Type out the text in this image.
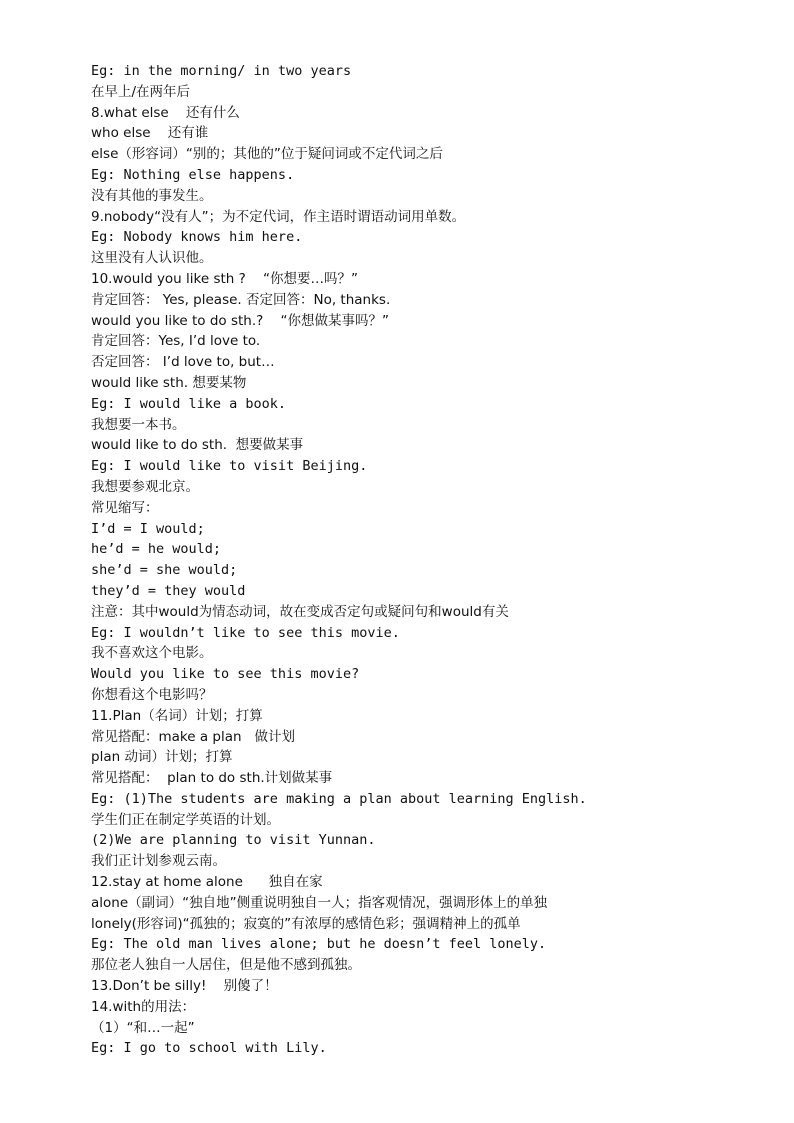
Eg: in the morning/ in two years
在早上/在两年后
8.what else    还有什么
who else    还有谁
else（形容词）“别的；其他的”位于疑问词或不定代词之后
Eg: Nothing else happens.
没有其他的事发生。
9.nobody“没有人”；为不定代词，作主语时谓语动词用单数。
Eg: Nobody knows him here.
这里没有人认识他。
10.would you like sth ?    “你想要…吗？”
肯定回答： Yes, please. 否定回答：No, thanks.
would you like to do sth.?    “你想做某事吗？”
肯定回答：Yes, I’d love to.
否定回答： I’d love to, but…
would like sth. 想要某物
Eg: I would like a book.
我想要一本书。
would like to do sth.  想要做某事
Eg: I would like to visit Beijing.
我想要参观北京。
常见缩写：
I’d = I would;
he’d = he would;
she’d = she would;
they’d = they would
注意：其中would为情态动词，故在变成否定句或疑问句和would有关
Eg: I wouldn’t like to see this movie.
我不喜欢这个电影。
Would you like to see this movie?
你想看这个电影吗？
11.Plan（名词）计划；打算
常见搭配：make a plan   做计划
plan 动词）计划；打算
常见搭配：  plan to do sth.计划做某事
Eg: (1)The students are making a plan about learning English.
学生们正在制定学英语的计划。
(2)We are planning to visit Yunnan.
我们正计划参观云南。
12.stay at home alone      独自在家
alone（副词）“独自地”侧重说明独自一人；指客观情况，强调形体上的单独
lonely(形容词)“孤独的；寂寞的”有浓厚的感情色彩；强调精神上的孤单
Eg: The old man lives alone; but he doesn’t feel lonely.
那位老人独自一人居住，但是他不感到孤独。
13.Don’t be silly!    别傻了！
14.with的用法：
（1）“和…一起”
Eg: I go to school with Lily.
